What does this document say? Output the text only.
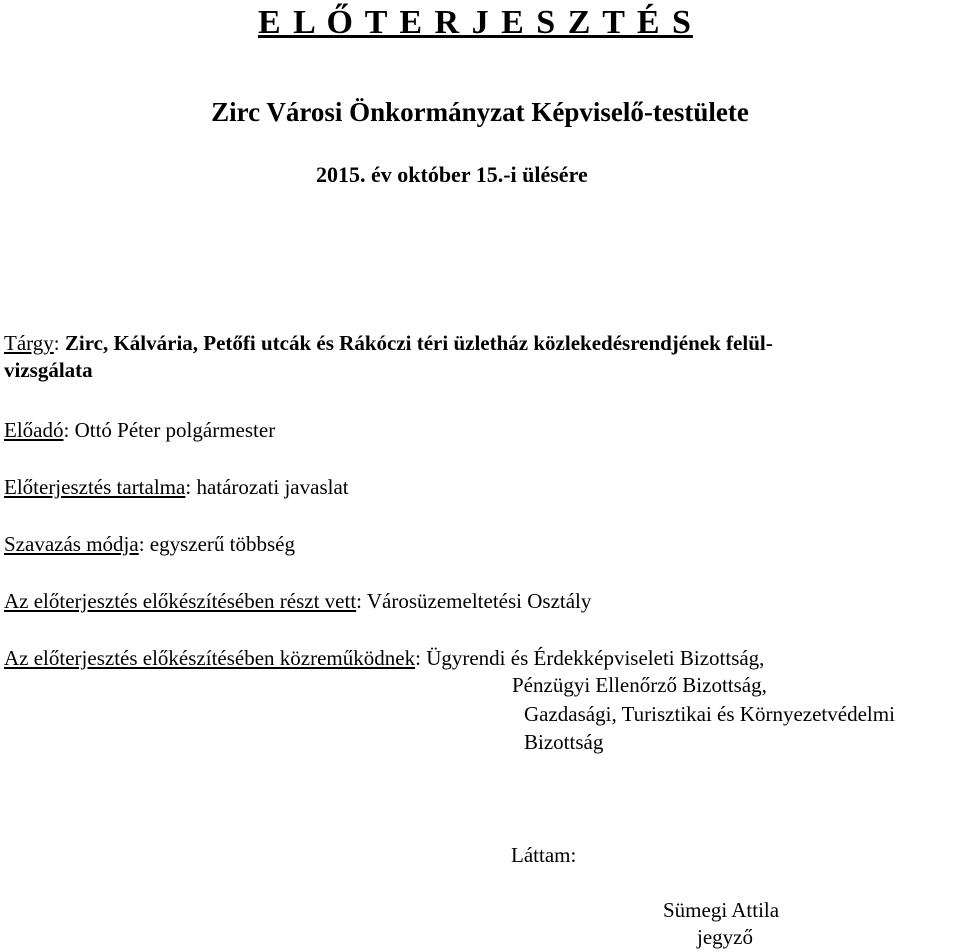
E L Ő T E R J E S Z T É S
Zirc Városi Önkormányzat Képviselő-testülete
2015. év október 15.-i ülésére
Tárgy: Zirc, Kálvária, Petőfi utcák és Rákóczi téri üzletház közlekedésrendjének felül-
vizsgálata
Előadó: Ottó Péter polgármester
Előterjesztés tartalma: határozati javaslat
Szavazás módja: egyszerű többség
Az előterjesztés előkészítésében részt vett: Városüzemeltetési Osztály
Az előterjesztés előkészítésében közreműködnek: Ügyrendi és Érdekképviseleti Bizottság,
Pénzügyi Ellenőrző Bizottság,
Gazdasági, Turisztikai és Környezetvédelmi
Bizottság
Láttam:
Sümegi Attila
jegyző
